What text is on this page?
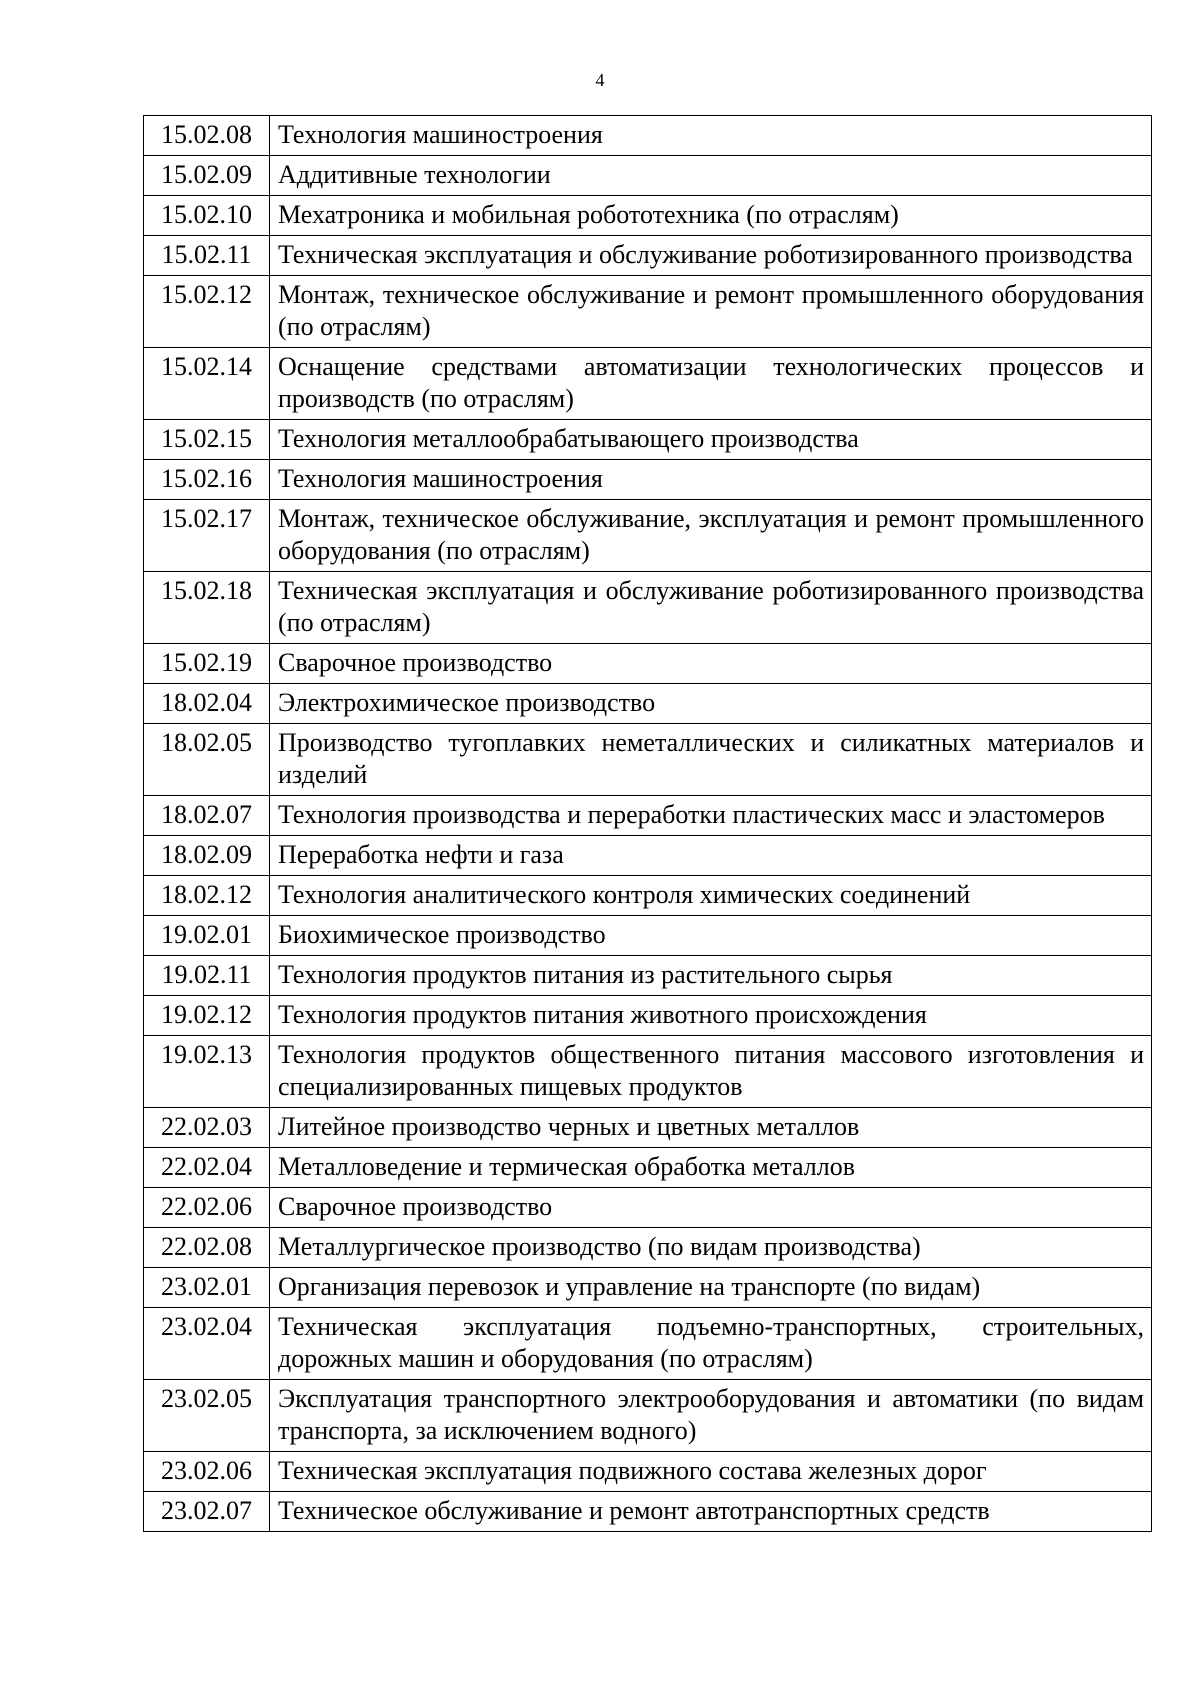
4
15.02.08	Технология машиностроения
15.02.09	Аддитивные технологии
15.02.10	Мехатроника и мобильная робототехника (по отраслям)
15.02.11	Техническая эксплуатация и обслуживание роботизированного производства
15.02.12	Монтаж, техническое обслуживание и ремонт промышленного оборудования (по отраслям)
15.02.14	Оснащение средствами автоматизации технологических процессов и производств (по отраслям)
15.02.15	Технология металлообрабатывающего производства
15.02.16	Технология машиностроения
15.02.17	Монтаж, техническое обслуживание, эксплуатация и ремонт промышленного оборудования (по отраслям)
15.02.18	Техническая эксплуатация и обслуживание роботизированного производства (по отраслям)
15.02.19	Сварочное производство
18.02.04	Электрохимическое производство
18.02.05	Производство тугоплавких неметаллических и силикатных материалов и изделий
18.02.07	Технология производства и переработки пластических масс и эластомеров
18.02.09	Переработка нефти и газа
18.02.12	Технология аналитического контроля химических соединений
19.02.01	Биохимическое производство
19.02.11	Технология продуктов питания из растительного сырья
19.02.12	Технология продуктов питания животного происхождения
19.02.13	Технология продуктов общественного питания массового изготовления и специализированных пищевых продуктов
22.02.03	Литейное производство черных и цветных металлов
22.02.04	Металловедение и термическая обработка металлов
22.02.06	Сварочное производство
22.02.08	Металлургическое производство (по видам производства)
23.02.01	Организация перевозок и управление на транспорте (по видам)
23.02.04	Техническая эксплуатация подъемно-транспортных, строительных, дорожных машин и оборудования (по отраслям)
23.02.05	Эксплуатация транспортного электрооборудования и автоматики (по видам транспорта, за исключением водного)
23.02.06	Техническая эксплуатация подвижного состава железных дорог
23.02.07	Техническое обслуживание и ремонт автотранспортных средств
